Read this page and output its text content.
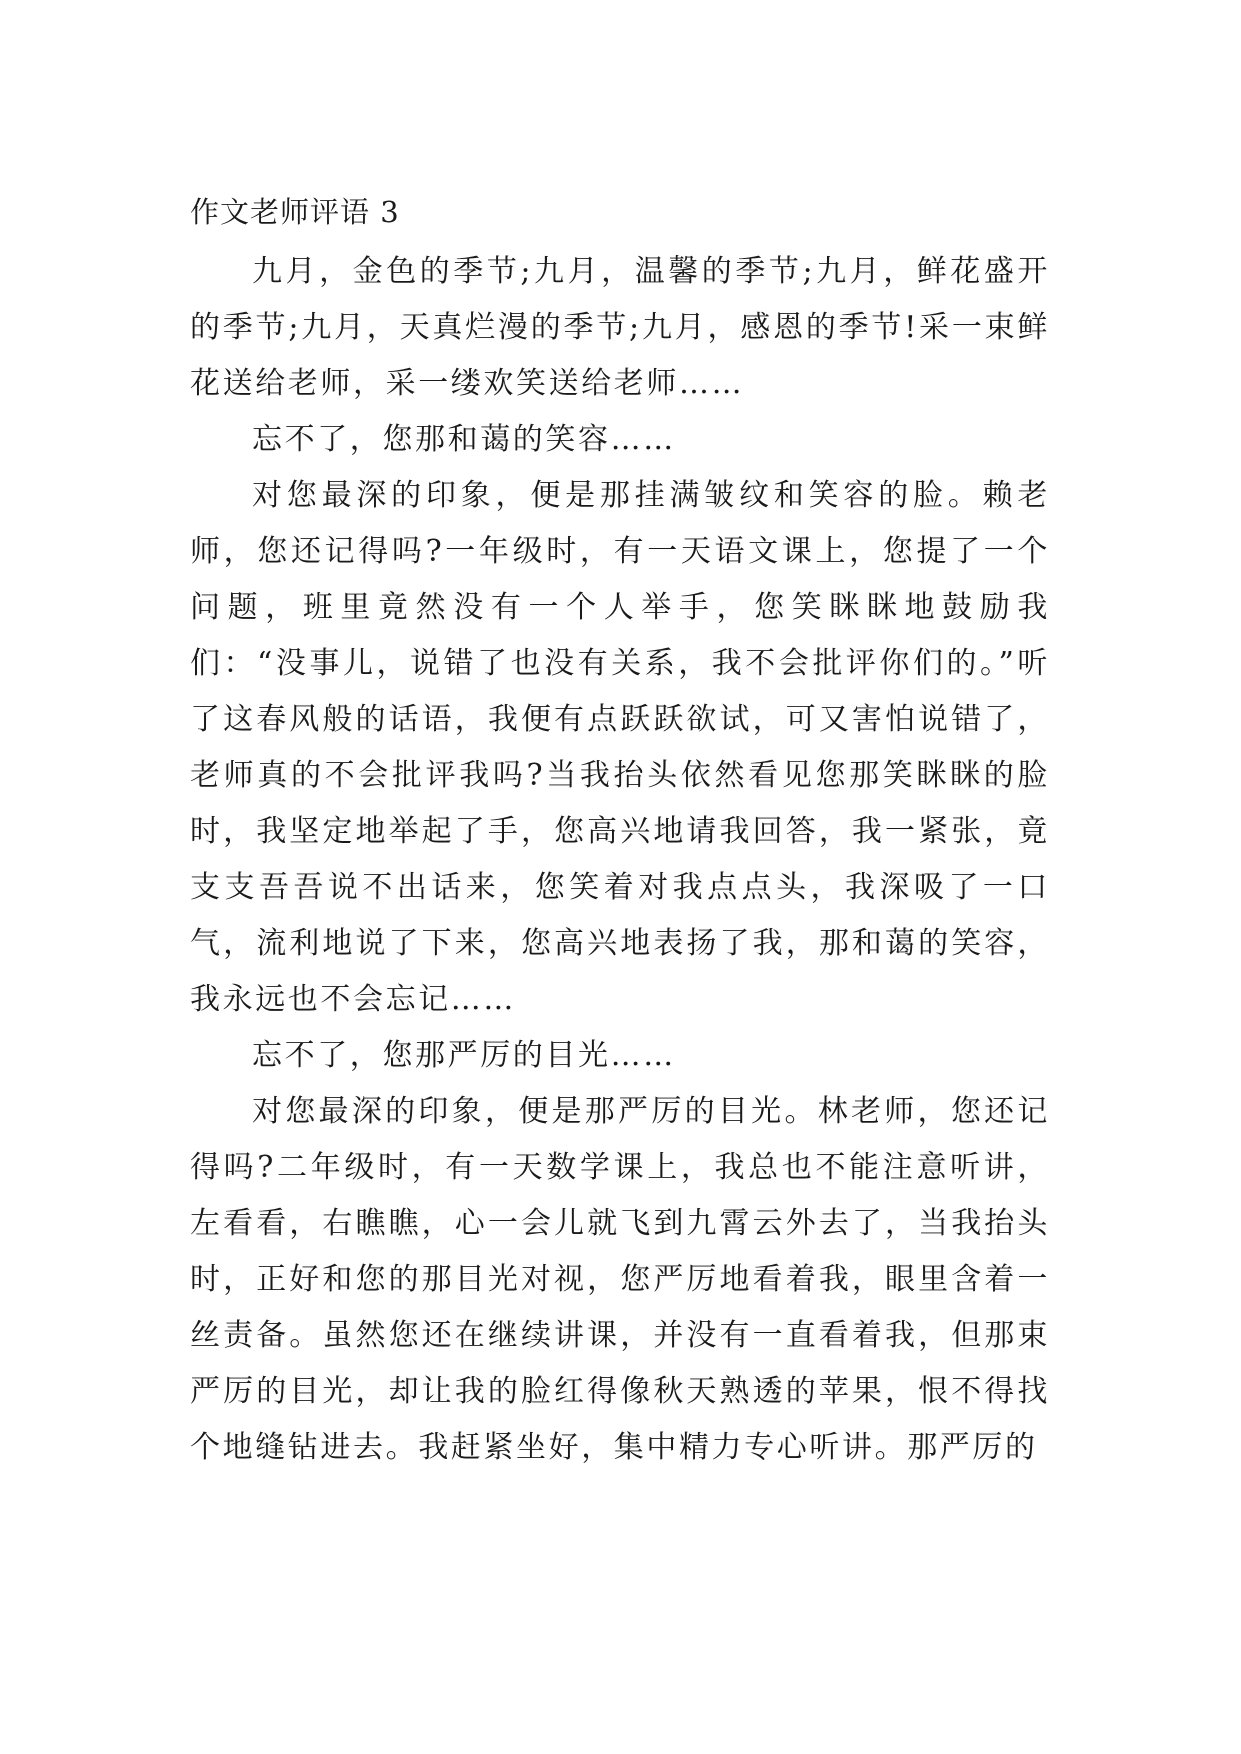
作文老师评语 3

九月，金色的季节;九月，温馨的季节;九月，鲜花盛开的季节;九月，天真烂漫的季节;九月，感恩的季节!采一束鲜花送给老师，采一缕欢笑送给老师……

忘不了，您那和蔼的笑容……

对您最深的印象，便是那挂满皱纹和笑容的脸。赖老师，您还记得吗?一年级时，有一天语文课上，您提了一个问题，班里竟然没有一个人举手，您笑眯眯地鼓励我们：“没事儿，说错了也没有关系，我不会批评你们的。”听了这春风般的话语，我便有点跃跃欲试，可又害怕说错了，老师真的不会批评我吗?当我抬头依然看见您那笑眯眯的脸时，我坚定地举起了手，您高兴地请我回答，我一紧张，竟支支吾吾说不出话来，您笑着对我点点头，我深吸了一口气，流利地说了下来，您高兴地表扬了我，那和蔼的笑容，我永远也不会忘记……

忘不了，您那严厉的目光……

对您最深的印象，便是那严厉的目光。林老师，您还记得吗?二年级时，有一天数学课上，我总也不能注意听讲，左看看，右瞧瞧，心一会儿就飞到九霄云外去了，当我抬头时，正好和您的那目光对视，您严厉地看着我，眼里含着一丝责备。虽然您还在继续讲课，并没有一直看着我，但那束严厉的目光，却让我的脸红得像秋天熟透的苹果，恨不得找个地缝钻进去。我赶紧坐好，集中精力专心听讲。那严厉的
